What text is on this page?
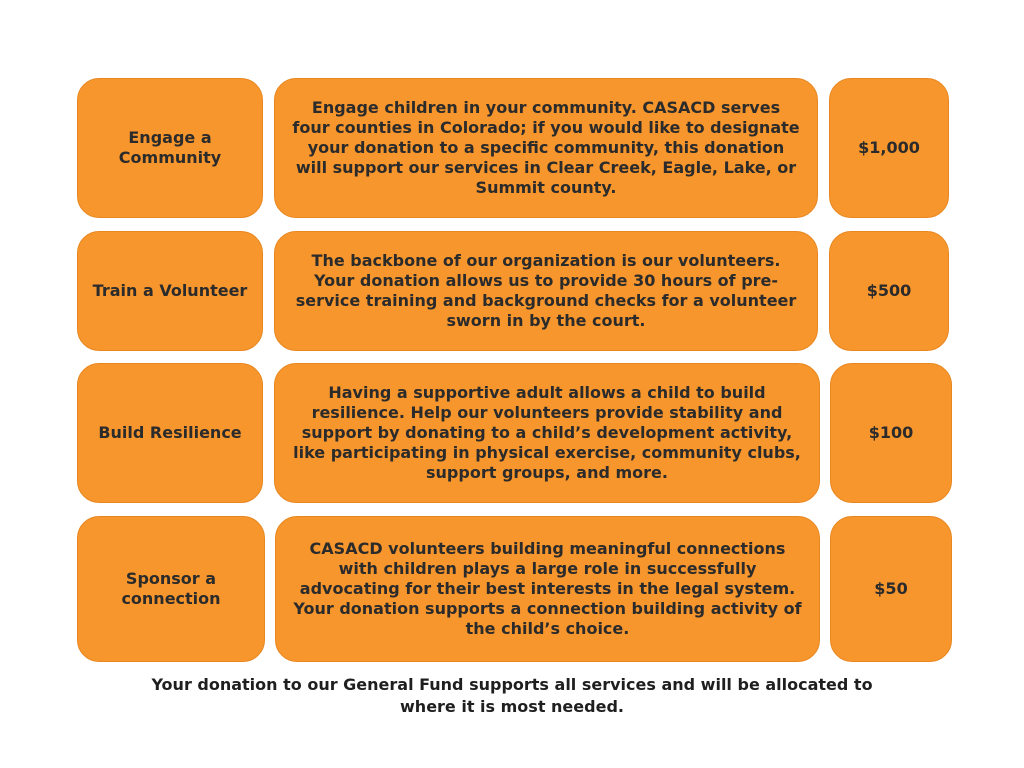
Engage a Community
Engage children in your community. CASACD serves four counties in Colorado; if you would like to designate your donation to a specific community, this donation will support our services in Clear Creek, Eagle, Lake, or Summit county.
$1,000
Train a Volunteer
The backbone of our organization is our volunteers. Your donation allows us to provide 30 hours of pre-service training and background checks for a volunteer sworn in by the court.
$500
Build Resilience
Having a supportive adult allows a child to build resilience. Help our volunteers provide stability and support by donating to a child’s development activity, like participating in physical exercise, community clubs, support groups, and more.
$100
Sponsor a connection
CASACD volunteers building meaningful connections with children plays a large role in successfully advocating for their best interests in the legal system. Your donation supports a connection building activity of the child’s choice.
$50
Your donation to our General Fund supports all services and will be allocated to where it is most needed.
